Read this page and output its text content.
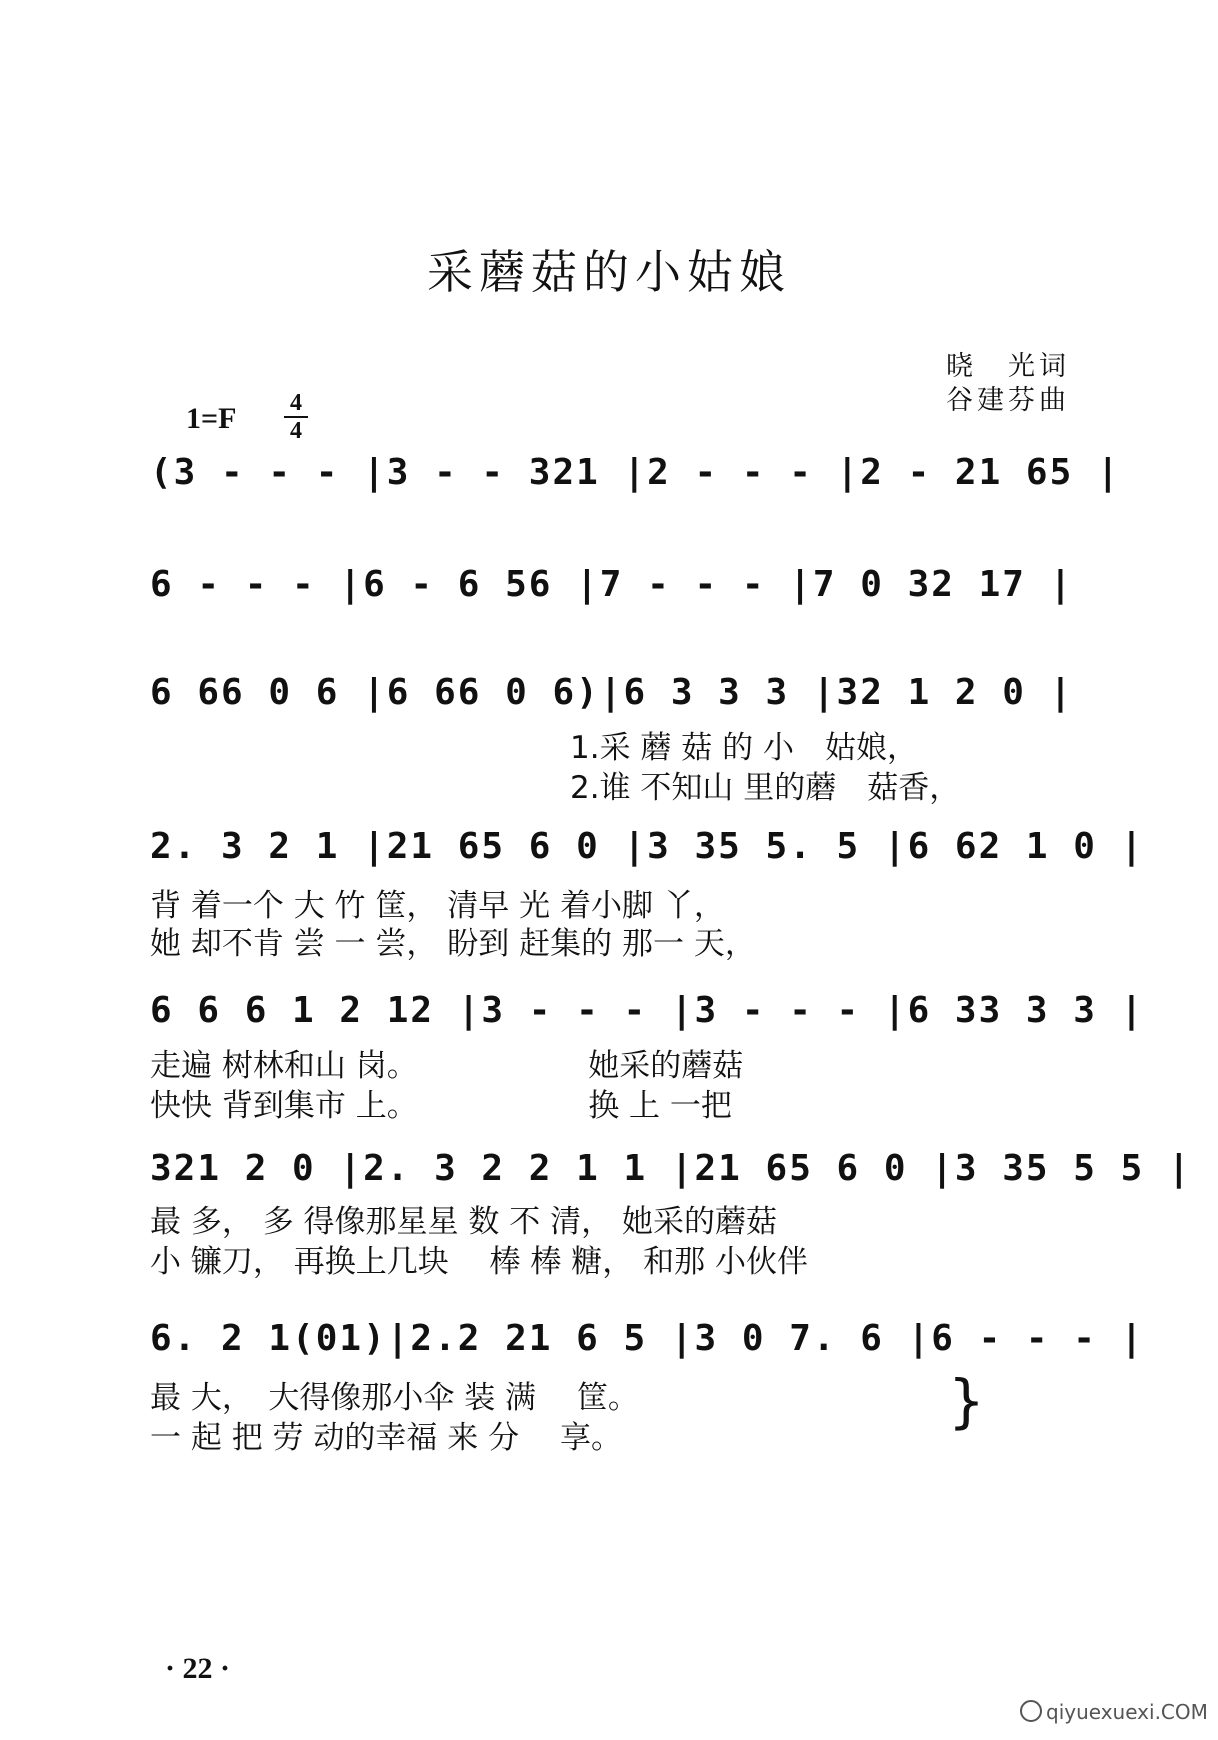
采蘑菇的小姑娘
晓　光词
谷建芬曲
1=F 4
4
(3 - - - |3 - - 321 |2 - - - |2 - 21 65 |
6 - - - |6 - 6 56 |7 - - - |7 0 32 17 |
6 66 0 6 |6 66 0 6)|6 3 3 3 |32 1 2 0 |
1.采 蘑 菇 的 小　姑娘，
2.谁 不知山 里的蘑　菇香，
2. 3 2 1 |21 65 6 0 |3 35 5. 5 |6 62 1 0 |
背 着一个 大 竹 筐， 清早 光 着小脚 丫，
她 却不肯 尝 一 尝， 盼到 赶集的 那一 天，
6 6 6 1 2 12 |3 - - - |3 - - - |6 33 3 3 |
走遍 树林和山 岗。　　　　　　她采的蘑菇
快快 背到集市 上。　　　　　　换 上 一把
321 2 0 |2. 3 2 2 1 1 |21 65 6 0 |3 35 5 5 |
最 多， 多 得像那星星 数 不 清， 她采的蘑菇
小 镰刀， 再换上几块　 棒 棒 糖， 和那 小伙伴
6. 2 1(01)|2.2 21 6 5 |3 0 7. 6 |6 - - - |
最 大，　大得像那小伞 装 满　 筐。
一 起 把 劳 动的幸福 来 分　 享。
}
· 22 ·
qiyuexuexi.COM
